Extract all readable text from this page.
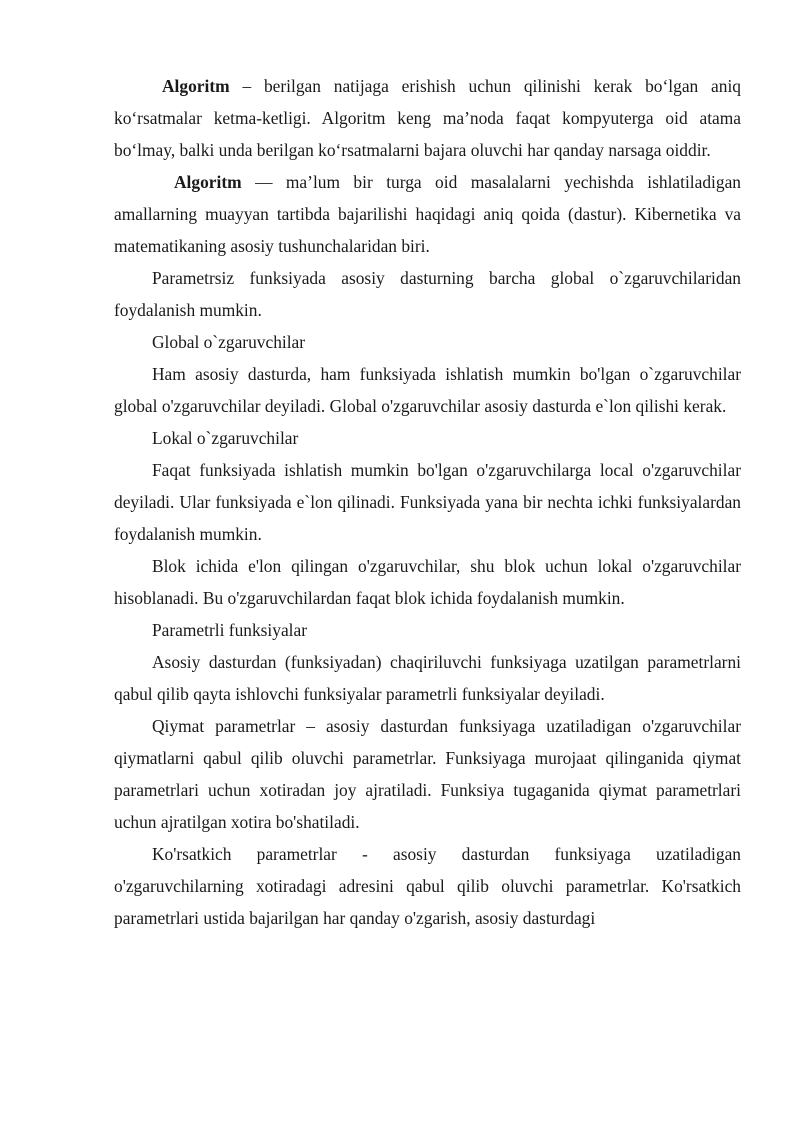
Algoritm – berilgan natijaga erishish uchun qilinishi kerak bo‘lgan aniq ko‘rsatmalar ketma-ketligi. Algoritm keng ma’noda faqat kompyuterga oid atama bo‘lmay, balki unda berilgan ko‘rsatmalarni bajara oluvchi har qanday narsaga oiddir.

Algoritm — ma’lum bir turga oid masalalarni yechishda ishlatiladigan amallarning muayyan tartibda bajarilishi haqidagi aniq qoida (dastur). Kibernetika va matematikaning asosiy tushunchalaridan biri.

Parametrsiz funksiyada asosiy dasturning barcha global o`zgaruvchilaridan foydalanish mumkin.

Global o`zgaruvchilar

Ham asosiy dasturda, ham funksiyada ishlatish mumkin bo'lgan o`zgaruvchilar global o'zgaruvchilar deyiladi. Global o'zgaruvchilar asosiy dasturda e`lon qilishi kerak.

Lokal o`zgaruvchilar

Faqat funksiyada ishlatish mumkin bo'lgan o'zgaruvchilarga local o'zgaruvchilar deyiladi. Ular funksiyada e`lon qilinadi. Funksiyada yana bir nechta ichki funksiyalardan foydalanish mumkin.

Blok ichida e'lon qilingan o'zgaruvchilar, shu blok uchun lokal o'zgaruvchilar hisoblanadi. Bu o'zgaruvchilardan faqat blok ichida foydalanish mumkin.

Parametrli funksiyalar

Asosiy dasturdan (funksiyadan) chaqiriluvchi funksiyaga uzatilgan parametrlarni qabul qilib qayta ishlovchi funksiyalar parametrli funksiyalar deyiladi.

Qiymat parametrlar – asosiy dasturdan funksiyaga uzatiladigan o'zgaruvchilar qiymatlarni qabul qilib oluvchi parametrlar. Funksiyaga murojaat qilinganida qiymat parametrlari uchun xotiradan joy ajratiladi. Funksiya tugaganida qiymat parametrlari uchun ajratilgan xotira bo'shatiladi.

Ko'rsatkich parametrlar - asosiy dasturdan funksiyaga uzatiladigan o'zgaruvchilarning xotiradagi adresini qabul qilib oluvchi parametrlar. Ko'rsatkich parametrlari ustida bajarilgan har qanday o'zgarish, asosiy dasturdagi
